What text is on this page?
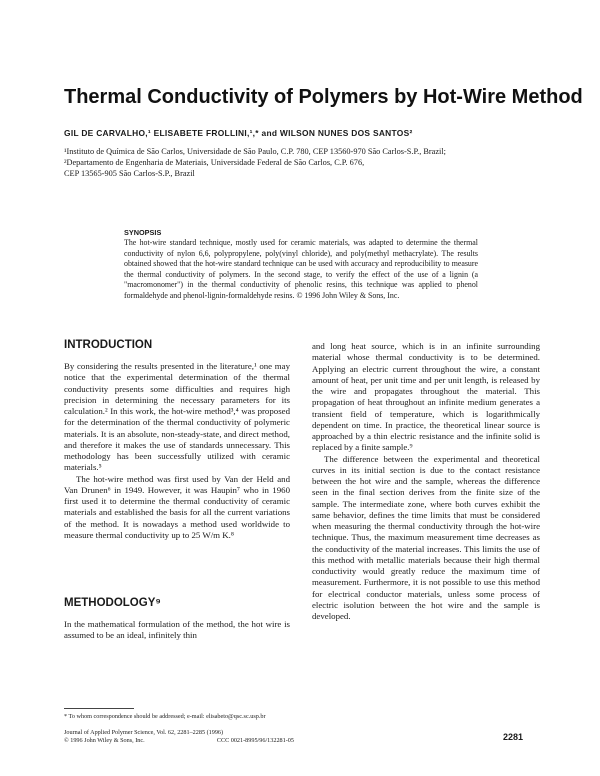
Thermal Conductivity of Polymers by Hot-Wire Method
GIL DE CARVALHO,¹ ELISABETE FROLLINI,¹,* and WILSON NUNES DOS SANTOS²
¹Instituto de Química de São Carlos, Universidade de São Paulo, C.P. 780, CEP 13560-970 São Carlos-S.P., Brazil;
²Departamento de Engenharia de Materiais, Universidade Federal de São Carlos, C.P. 676,
CEP 13565-905 São Carlos-S.P., Brazil
SYNOPSIS
The hot-wire standard technique, mostly used for ceramic materials, was adapted to determine the thermal conductivity of nylon 6,6, polypropylene, poly(vinyl chloride), and poly(methyl methacrylate). The results obtained showed that the hot-wire standard technique can be used with accuracy and reproducibility to measure the thermal conductivity of polymers. In the second stage, to verify the effect of the use of a lignin (a "macromonomer") in the thermal conductivity of phenolic resins, this technique was applied to phenol formaldehyde and phenol-lignin-formaldehyde resins. © 1996 John Wiley & Sons, Inc.
INTRODUCTION

By considering the results presented in the literature,¹ one may notice that the experimental determination of the thermal conductivity presents some difficulties and requires high precision in determining the necessary parameters for its calculation.² In this work, the hot-wire method³,⁴ was proposed for the determination of the thermal conductivity of polymeric materials. It is an absolute, non-steady-state, and direct method, and therefore it makes the use of standards unnecessary. This methodology has been successfully utilized with ceramic materials.⁵

The hot-wire method was first used by Van der Held and Van Drunen⁶ in 1949. However, it was Haupin⁷ who in 1960 first used it to determine the thermal conductivity of ceramic materials and established the basis for all the current variations of the method. It is nowadays a method used worldwide to measure thermal conductivity up to 25 W/m K.⁸

METHODOLOGY⁹

In the mathematical formulation of the method, the hot wire is assumed to be an ideal, infinitely thin

and long heat source, which is in an infinite surrounding material whose thermal conductivity is to be determined. Applying an electric current throughout the wire, a constant amount of heat, per unit time and per unit length, is released by the wire and propagates throughout the material. This propagation of heat throughout an infinite medium generates a transient field of temperature, which is logarithmically dependent on time. In practice, the theoretical linear source is approached by a thin electric resistance and the infinite solid is replaced by a finite sample.⁹

The difference between the experimental and theoretical curves in its initial section is due to the contact resistance between the hot wire and the sample, whereas the difference seen in the final section derives from the finite size of the sample. The intermediate zone, where both curves exhibit the same behavior, defines the time limits that must be considered when measuring the thermal conductivity through the hot-wire technique. Thus, the maximum measurement time decreases as the conductivity of the material increases. This limits the use of this method with metallic materials because their high thermal conductivity would greatly reduce the maximum time of measurement. Furthermore, it is not possible to use this method for electrical conductor materials, unless some process of electric isolution between the hot wire and the sample is developed.

* To whom correspondence should be addressed; e-mail: elisabeto@qsc.sc.usp.br
Journal of Applied Polymer Science, Vol. 62, 2281–2285 (1996)
© 1996 John Wiley & Sons, Inc.	CCC 0021-8995/96/132281-05	2281
